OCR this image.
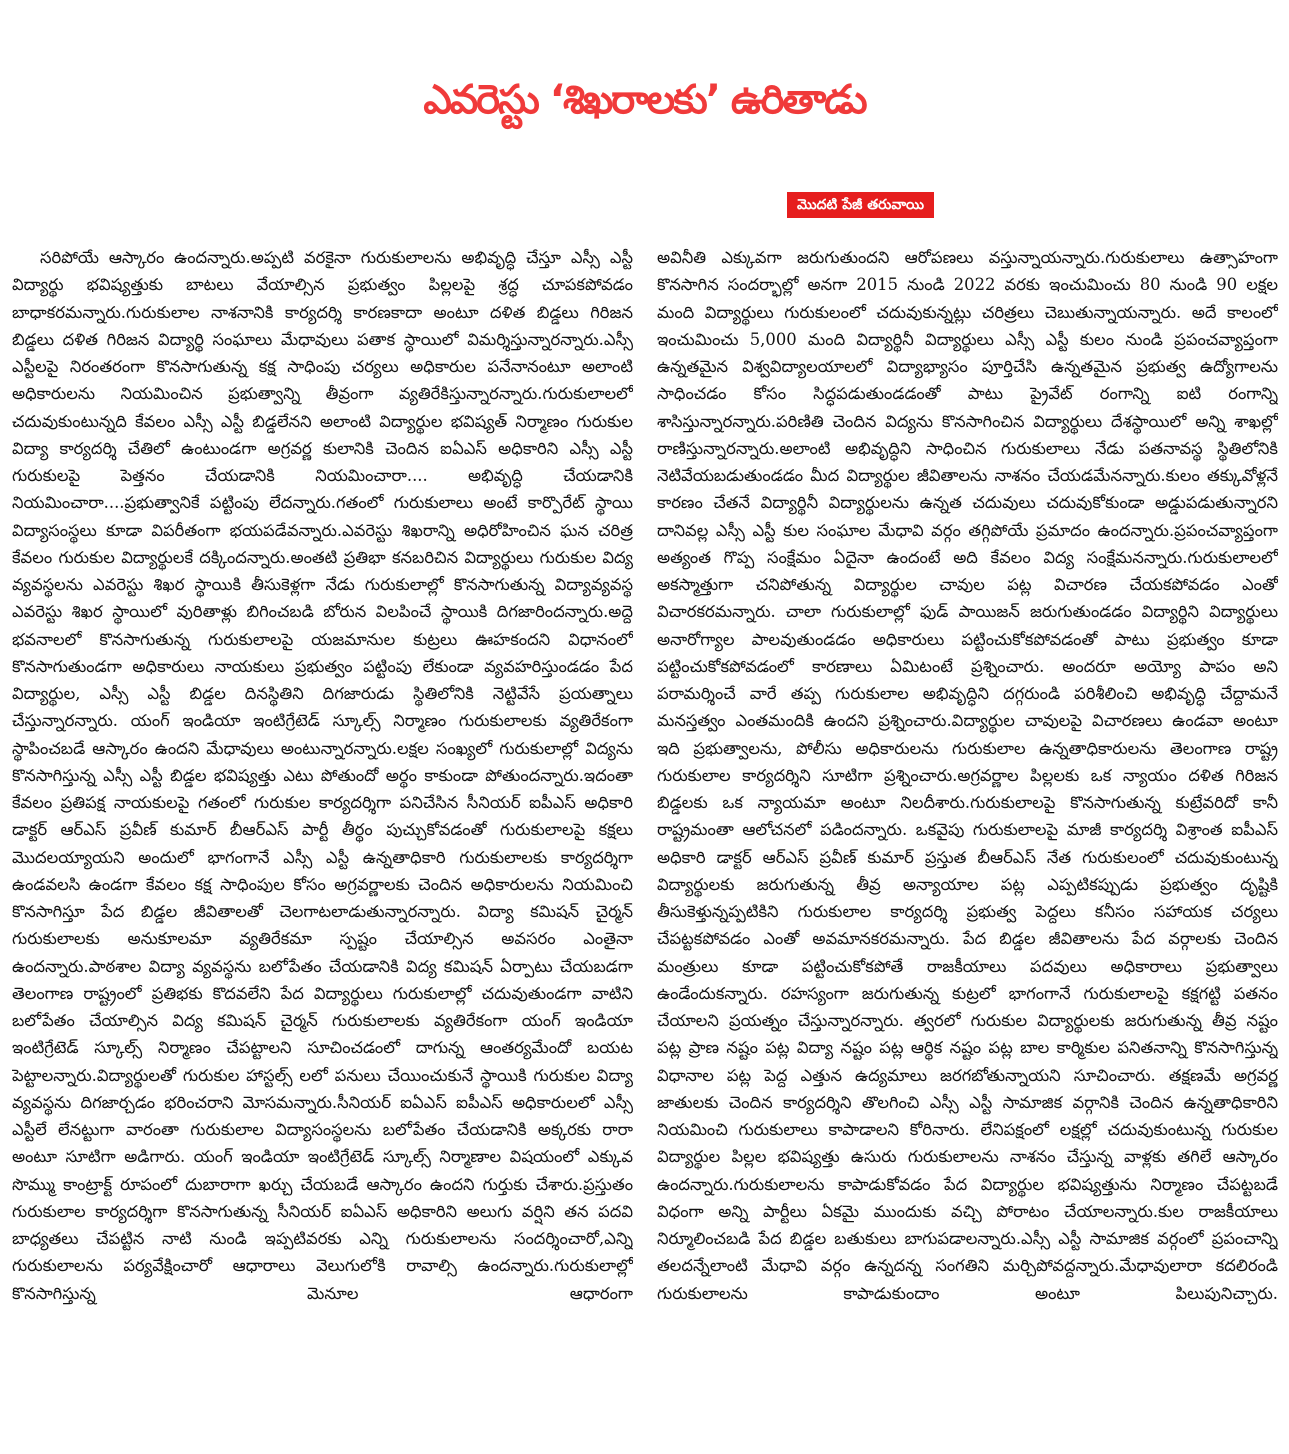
ఎవరెస్టు ‘శిఖరాలకు’ ఉరితాడు
మొదటి పేజీ తరువాయి

సరిపోయే ఆస్కారం ఉందన్నారు.అప్పటి వరకైనా గురుకులాలను అభివృద్ధి చేస్తూ ఎస్సీ ఎస్టీ విద్యార్థు భవిష్యత్తుకు బాటలు వేయాల్సిన ప్రభుత్వం పిల్లలపై శ్రద్ధ చూపకపోవడం బాధాకరమన్నారు.గురుకులాల నాశనానికి కార్యదర్శి కారణకాదా అంటూ దళిత బిడ్డలు గిరిజన బిడ్డలు దళిత గిరిజన విద్యార్థి సంఘాలు మేధావులు పతాక స్థాయిలో విమర్శిస్తున్నారన్నారు.ఎస్సీ ఎస్టీలపై నిరంతరంగా కొనసాగుతున్న కక్ష సాధింపు చర్యలు అధికారుల పనేనానంటూ అలాంటి అధికారులను నియమించిన ప్రభుత్వాన్ని తీవ్రంగా వ్యతిరేకిస్తున్నారన్నారు.గురుకులాలలో చదువుకుంటున్నది కేవలం ఎస్సీ ఎస్టీ బిడ్డలేనని అలాంటి విద్యార్థుల భవిష్యత్ నిర్మాణం గురుకుల విద్యా కార్యదర్శి చేతిలో ఉంటుండగా అగ్రవర్ణ కులానికి చెందిన ఐఏఎస్ అధికారిని ఎస్సీ ఎస్టీ గురుకులపై పెత్తనం చేయడానికి నియమించారా.... అభివృద్ధి చేయడానికి నియమించారా....ప్రభుత్వానికే పట్టింపు లేదన్నారు.గతంలో గురుకులాలు అంటే కార్పొరేట్ స్థాయి విద్యాసంస్థలు కూడా విపరీతంగా భయపడేవన్నారు.ఎవరెస్టు శిఖరాన్ని అధిరోహించిన ఘన చరిత్ర కేవలం గురుకుల విద్యార్థులకే దక్కిందన్నారు.అంతటి ప్రతిభా కనబరిచిన విద్యార్థులు గురుకుల విద్య వ్యవస్థలను ఎవరెస్టు శిఖర స్థాయికి తీసుకెళ్లగా నేడు గురుకులాల్లో కొనసాగుతున్న విద్యావ్యవస్థ ఎవరెస్టు శిఖర స్థాయిలో వురితాళ్లు బిగించబడి బోరున విలపించే స్థాయికి దిగజారిందన్నారు.అద్దె భవనాలలో కొనసాగుతున్న గురుకులాలపై యజమానుల కుట్రలు ఊహకందని విధానంలో కొనసాగుతుండగా అధికారులు నాయకులు ప్రభుత్వం పట్టింపు లేకుండా వ్యవహరిస్తుండడం పేద విద్యార్థుల, ఎస్సీ ఎస్టీ బిడ్డల దినస్థితిని దిగజారుడు స్థితిలోనికి నెట్టివేసే ప్రయత్నాలు చేస్తున్నారన్నారు. యంగ్ ఇండియా ఇంటిగ్రేటెడ్ స్కూల్స్ నిర్మాణం గురుకులాలకు వ్యతిరేకంగా స్థాపించబడే ఆస్కారం ఉందని మేధావులు అంటున్నారన్నారు.లక్షల సంఖ్యలో గురుకులాల్లో విద్యను కొనసాగిస్తున్న ఎస్సీ ఎస్టీ బిడ్డల భవిష్యత్తు ఎటు పోతుందో అర్థం కాకుండా పోతుందన్నారు.ఇదంతా కేవలం ప్రతిపక్ష నాయకులపై గతంలో గురుకుల కార్యదర్శిగా పనిచేసిన సీనియర్ ఐపీఎస్ అధికారి డాక్టర్ ఆర్ఎస్ ప్రవీణ్ కుమార్ బీఆర్ఎస్ పార్టీ తీర్థం పుచ్చుకోవడంతో గురుకులాలపై కక్షలు మొదలయ్యాయని అందులో భాగంగానే ఎస్సీ ఎస్టీ ఉన్నతాధికారి గురుకులాలకు కార్యదర్శిగా ఉండవలసి ఉండగా కేవలం కక్ష సాధింపుల కోసం అగ్రవర్ణాలకు చెందిన అధికారులను నియమించి కొనసాగిస్తూ పేద బిడ్డల జీవితాలతో చెలగాటలాడుతున్నారన్నారు. విద్యా కమిషన్ చైర్మన్ గురుకులాలకు అనుకూలమా వ్యతిరేకమా స్పష్టం చేయాల్సిన అవసరం ఎంతైనా ఉందన్నారు.పాఠశాల విద్యా వ్యవస్థను బలోపేతం చేయడానికి విద్య కమిషన్ ఏర్పాటు చేయబడగా తెలంగాణ రాష్ట్రంలో ప్రతిభకు కొదవలేని పేద విద్యార్థులు గురుకులాల్లో చదువుతుండగా వాటిని బలోపేతం చేయాల్సిన విద్య కమిషన్ చైర్మన్ గురుకులాలకు వ్యతిరేకంగా యంగ్ ఇండియా ఇంటిగ్రేటెడ్ స్కూల్స్ నిర్మాణం చేపట్టాలని సూచించడంలో దాగున్న ఆంతర్యమేందో బయట పెట్టాలన్నారు.విద్యార్థులతో గురుకుల హాస్టల్స్ లలో పనులు చేయించుకునే స్థాయికి గురుకుల విద్యా వ్యవస్థను దిగజార్చడం భరించరాని మోసమన్నారు.సీనియర్ ఐఏఎస్ ఐపీఎస్ అధికారులలో ఎస్సీ ఎస్టీలే లేనట్టుగా వారంతా గురుకులాల విద్యాసంస్థలను బలోపేతం చేయడానికి అక్కరకు రారా అంటూ సూటిగా అడిగారు. యంగ్ ఇండియా ఇంటిగ్రేటెడ్ స్కూల్స్ నిర్మాణాల విషయంలో ఎక్కువ సొమ్ము కాంట్రాక్ట్ రూపంలో దుబారాగా ఖర్చు చేయబడే ఆస్కారం ఉందని గుర్తుకు చేశారు.ప్రస్తుతం గురుకులాల కార్యదర్శిగా కొనసాగుతున్న సీనియర్ ఐఏఎస్ అధికారిని అలుగు వర్షిని తన పదవి బాధ్యతలు చేపట్టిన నాటి నుండి ఇప్పటివరకు ఎన్ని గురుకులాలను సందర్శించారో,ఎన్ని గురుకులాలను పర్యవేక్షించారో ఆధారాలు వెలుగులోకి రావాల్సి ఉందన్నారు.గురుకులాల్లో కొనసాగిస్తున్న మెనూల ఆధారంగా

అవినీతి ఎక్కువగా జరుగుతుందని ఆరోపణలు వస్తున్నాయన్నారు.గురుకులాలు ఉత్సాహంగా కొనసాగిన సందర్భాల్లో అనగా 2015 నుండి 2022 వరకు ఇంచుమించు 80 నుండి 90 లక్షల మంది విద్యార్థులు గురుకులంలో చదువుకున్నట్లు చరిత్రలు చెబుతున్నాయన్నారు. అదే కాలంలో ఇంచుమించు 5,000 మంది విద్యార్థినీ విద్యార్థులు ఎస్సీ ఎస్టీ కులం నుండి ప్రపంచవ్యాప్తంగా ఉన్నతమైన విశ్వవిద్యాలయాలలో విద్యాభ్యాసం పూర్తిచేసి ఉన్నతమైన ప్రభుత్వ ఉద్యోగాలను సాధించడం కోసం సిద్ధపడుతుండడంతో పాటు ప్రైవేట్ రంగాన్ని ఐటి రంగాన్ని శాసిస్తున్నారన్నారు.పరిణితి చెందిన విద్యను కొనసాగించిన విద్యార్థులు దేశస్థాయిలో అన్ని శాఖల్లో రాణిస్తున్నారన్నారు.అలాంటి అభివృద్ధిని సాధించిన గురుకులాలు నేడు పతనావస్థ స్థితిలోనికి నెటివేయబడుతుండడం మీద విద్యార్థుల జీవితాలను నాశనం చేయడమేనన్నారు.కులం తక్కువోళ్లనే కారణం చేతనే విద్యార్థినీ విద్యార్థులను ఉన్నత చదువులు చదువుకోకుండా అడ్డుపడుతున్నారని దానివల్ల ఎస్సీ ఎస్టీ కుల సంఘాల మేధావి వర్గం తగ్గిపోయే ప్రమాదం ఉందన్నారు.ప్రపంచవ్యాప్తంగా అత్యంత గొప్ప సంక్షేమం ఏదైనా ఉందంటే అది కేవలం విద్య సంక్షేమనన్నారు.గురుకులాలలో అకస్మాత్తుగా చనిపోతున్న విద్యార్థుల చావుల పట్ల విచారణ చేయకపోవడం ఎంతో విచారకరమన్నారు. చాలా గురుకులాల్లో ఫుడ్ పాయిజన్ జరుగుతుండడం విద్యార్థిని విద్యార్థులు అనారోగ్యాల పాలవుతుండడం అధికారులు పట్టించుకోకపోవడంతో పాటు ప్రభుత్వం కూడా పట్టించుకోకపోవడంలో కారణాలు ఏమిటంటే ప్రశ్నించారు. అందరూ అయ్యో పాపం అని పరామర్శించే వారే తప్ప గురుకులాల అభివృద్ధిని దగ్గరుండి పరిశీలించి అభివృద్ధి చేద్దామనే మనస్తత్వం ఎంతమందికి ఉందని ప్రశ్నించారు.విద్యార్థుల చావులపై విచారణలు ఉండవా అంటూ ఇది ప్రభుత్వాలను, పోలీసు అధికారులను గురుకులాల ఉన్నతాధికారులను తెలంగాణ రాష్ట్ర గురుకులాల కార్యదర్శిని సూటిగా ప్రశ్నించారు.అగ్రవర్ణాల పిల్లలకు ఒక న్యాయం దళిత గిరిజన బిడ్డలకు ఒక న్యాయమా అంటూ నిలదీశారు.గురుకులాలపై కొనసాగుతున్న కుట్రేవరిదో కానీ రాష్ట్రమంతా ఆలోచనలో పడిందన్నారు. ఒకవైపు గురుకులాలపై మాజీ కార్యదర్శి విశ్రాంత ఐపీఎస్ అధికారి డాక్టర్ ఆర్ఎస్ ప్రవీణ్ కుమార్ ప్రస్తుత బీఆర్ఎస్ నేత గురుకులంలో చదువుకుంటున్న విద్యార్థులకు జరుగుతున్న తీవ్ర అన్యాయాల పట్ల ఎప్పటికప్పుడు ప్రభుత్వం దృష్టికి తీసుకెళ్తున్నప్పటికిని గురుకులాల కార్యదర్శి ప్రభుత్వ పెద్దలు కనీసం సహాయక చర్యలు చేపట్టకపోవడం ఎంతో అవమానకరమన్నారు. పేద బిడ్డల జీవితాలను పేద వర్గాలకు చెందిన మంత్రులు కూడా పట్టించుకోకపోతే రాజకీయాలు పదవులు అధికారాలు ప్రభుత్వాలు ఉండేందుకన్నారు. రహస్యంగా జరుగుతున్న కుట్రలో భాగంగానే గురుకులాలపై కక్షగట్టి పతనం చేయాలని ప్రయత్నం చేస్తున్నారన్నారు. త్వరలో గురుకుల విద్యార్థులకు జరుగుతున్న తీవ్ర నష్టం పట్ల ప్రాణ నష్టం పట్ల విద్యా నష్టం పట్ల ఆర్థిక నష్టం పట్ల బాల కార్మికుల పనితనాన్ని కొనసాగిస్తున్న విధానాల పట్ల పెద్ద ఎత్తున ఉద్యమాలు జరగబోతున్నాయని సూచించారు. తక్షణమే అగ్రవర్ణ జాతులకు చెందిన కార్యదర్శిని తొలగించి ఎస్సీ ఎస్టీ సామాజిక వర్గానికి చెందిన ఉన్నతాధికారిని నియమించి గురుకులాలు కాపాడాలని కోరినారు. లేనిపక్షంలో లక్షల్లో చదువుకుంటున్న గురుకుల విద్యార్థుల పిల్లల భవిష్యత్తు ఉసురు గురుకులాలను నాశనం చేస్తున్న వాళ్లకు తగిలే ఆస్కారం ఉందన్నారు.గురుకులాలను కాపాడుకోవడం పేద విద్యార్థుల భవిష్యత్తును నిర్మాణం చేపట్టబడే విధంగా అన్ని పార్టీలు ఏకమై ముందుకు వచ్చి పోరాటం చేయాలన్నారు.కుల రాజకీయాలు నిర్మూలించబడి పేద బిడ్డల బతుకులు బాగుపడాలన్నారు.ఎస్సీ ఎస్టీ సామాజిక వర్గంలో ప్రపంచాన్ని తలదన్నేలాంటి మేధావి వర్గం ఉన్నదన్న సంగతిని మర్చిపోవద్దన్నారు.మేధావులారా కదలిరండి గురుకులాలను కాపాడుకుందాం అంటూ పిలుపునిచ్చారు.
